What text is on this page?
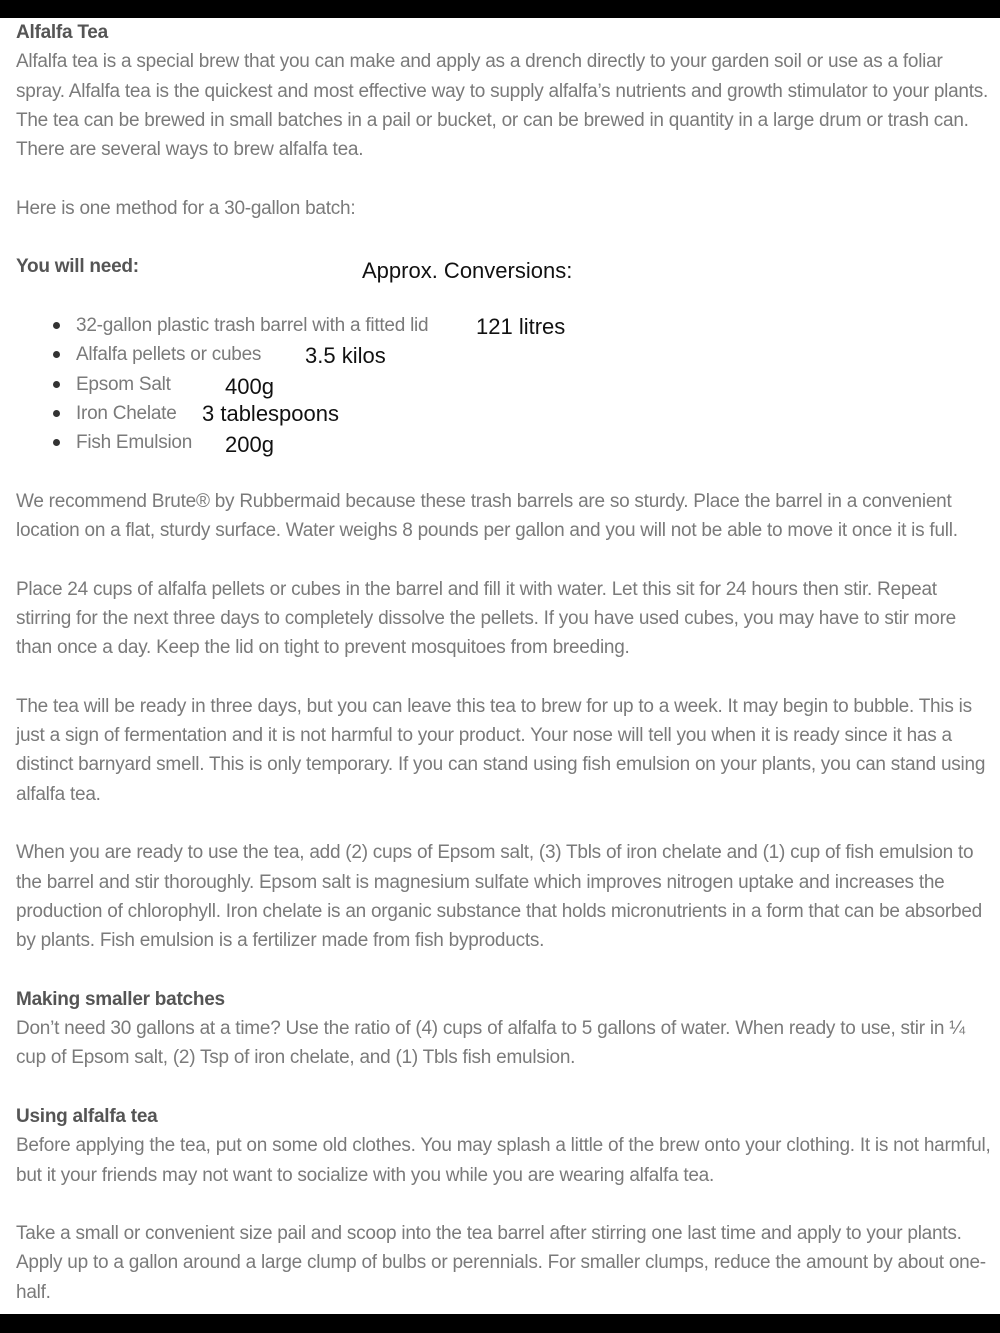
Alfalfa Tea

Alfalfa tea is a special brew that you can make and apply as a drench directly to your garden soil or use as a foliar spray. Alfalfa tea is the quickest and most effective way to supply alfalfa’s nutrients and growth stimulator to your plants. The tea can be brewed in small batches in a pail or bucket, or can be brewed in quantity in a large drum or trash can. There are several ways to brew alfalfa tea.

Here is one method for a 30-gallon batch:

You will need:
32-gallon plastic trash barrel with a fitted lid 121 litres
Alfalfa pellets or cubes 3.5 kilos
Epsom Salt 400g
Iron Chelate 3 tablespoons
Fish Emulsion 200g

We recommend Brute® by Rubbermaid because these trash barrels are so sturdy. Place the barrel in a convenient location on a flat, sturdy surface. Water weighs 8 pounds per gallon and you will not be able to move it once it is full.

Place 24 cups of alfalfa pellets or cubes in the barrel and fill it with water. Let this sit for 24 hours then stir. Repeat stirring for the next three days to completely dissolve the pellets. If you have used cubes, you may have to stir more than once a day. Keep the lid on tight to prevent mosquitoes from breeding.

The tea will be ready in three days, but you can leave this tea to brew for up to a week. It may begin to bubble. This is just a sign of fermentation and it is not harmful to your product. Your nose will tell you when it is ready since it has a distinct barnyard smell. This is only temporary. If you can stand using fish emulsion on your plants, you can stand using alfalfa tea.

When you are ready to use the tea, add (2) cups of Epsom salt, (3) Tbls of iron chelate and (1) cup of fish emulsion to the barrel and stir thoroughly. Epsom salt is magnesium sulfate which improves nitrogen uptake and increases the production of chlorophyll. Iron chelate is an organic substance that holds micronutrients in a form that can be absorbed by plants. Fish emulsion is a fertilizer made from fish byproducts.

Making smaller batches

Don’t need 30 gallons at a time? Use the ratio of (4) cups of alfalfa to 5 gallons of water. When ready to use, stir in ¼ cup of Epsom salt, (2) Tsp of iron chelate, and (1) Tbls fish emulsion.

Using alfalfa tea

Before applying the tea, put on some old clothes. You may splash a little of the brew onto your clothing. It is not harmful, but it your friends may not want to socialize with you while you are wearing alfalfa tea.

Take a small or convenient size pail and scoop into the tea barrel after stirring one last time and apply to your plants. Apply up to a gallon around a large clump of bulbs or perennials. For smaller clumps, reduce the amount by about one-half.

Approx. Conversions:
